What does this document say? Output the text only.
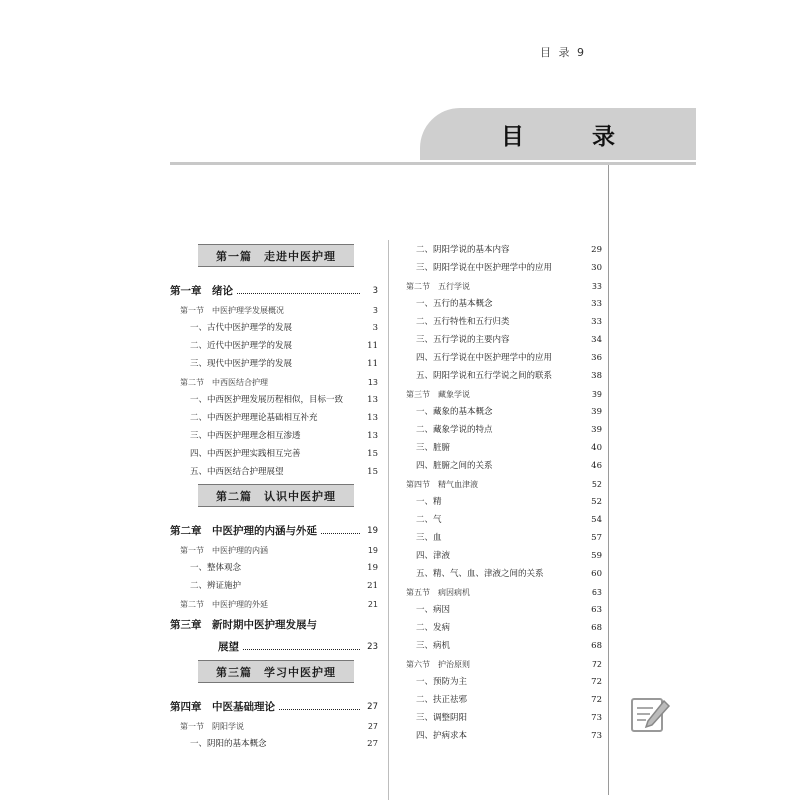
目 录 9
目 录
第一篇　走进中医护理
第一章　绪论	3
第一节　中医护理学发展概况	3
一、古代中医护理学的发展	3
二、近代中医护理学的发展	11
三、现代中医护理学的发展	11
第二节　中西医结合护理	13
一、中西医护理发展历程相似，目标一致	13
二、中西医护理理论基础相互补充	13
三、中西医护理理念相互渗透	13
四、中西医护理实践相互完善	15
五、中西医结合护理展望	15
第二篇　认识中医护理
第二章　中医护理的内涵与外延	19
第一节　中医护理的内涵	19
一、整体观念	19
二、辨证施护	21
第二节　中医护理的外延	21
第三章　新时期中医护理发展与
展望	23
第三篇　学习中医护理
第四章　中医基础理论	27
第一节　阴阳学说	27
一、阴阳的基本概念	27
二、阴阳学说的基本内容	29
三、阴阳学说在中医护理学中的应用	30
第二节　五行学说	33
一、五行的基本概念	33
二、五行特性和五行归类	33
三、五行学说的主要内容	34
四、五行学说在中医护理学中的应用	36
五、阴阳学说和五行学说之间的联系	38
第三节　藏象学说	39
一、藏象的基本概念	39
二、藏象学说的特点	39
三、脏腑	40
四、脏腑之间的关系	46
第四节　精气血津液	52
一、精	52
二、气	54
三、血	57
四、津液	59
五、精、气、血、津液之间的关系	60
第五节　病因病机	63
一、病因	63
二、发病	68
三、病机	68
第六节　护治原则	72
一、预防为主	72
二、扶正祛邪	72
三、调整阴阳	73
四、护病求本	73
